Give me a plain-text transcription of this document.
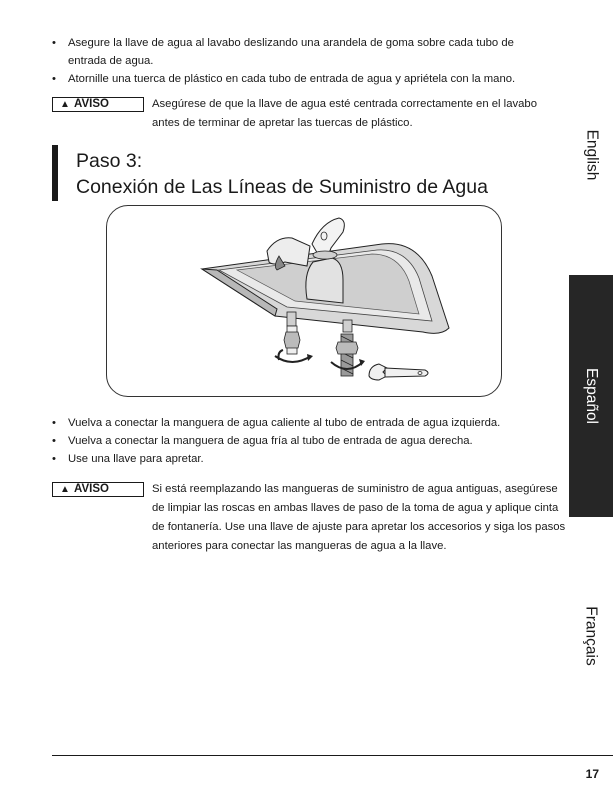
• Asegure la llave de agua al lavabo deslizando una arandela de goma sobre cada tubo de entrada de agua.
• Atornille una tuerca de plástico en cada tubo de entrada de agua y apriétela con la mano.
▲ AVISO	Asegúrese de que la llave de agua esté centrada correctamente en el lavabo antes de terminar de apretar las tuercas de plástico.

Paso 3:
Conexión de Las Líneas de Suministro de Agua
• Vuelva a conectar la manguera de agua caliente al tubo de entrada de agua izquierda.
• Vuelva a conectar la manguera de agua fría al tubo de entrada de agua derecha.
• Use una llave para apretar.
▲ AVISO	Si está reemplazando las mangueras de suministro de agua antiguas, asegúrese de limpiar las roscas en ambas llaves de paso de la toma de agua y aplique cinta de fontanería. Use una llave de ajuste para apretar los accesorios y siga los pasos anteriores para conectar las mangueras de agua a la llave.

English
Español
Français
17
